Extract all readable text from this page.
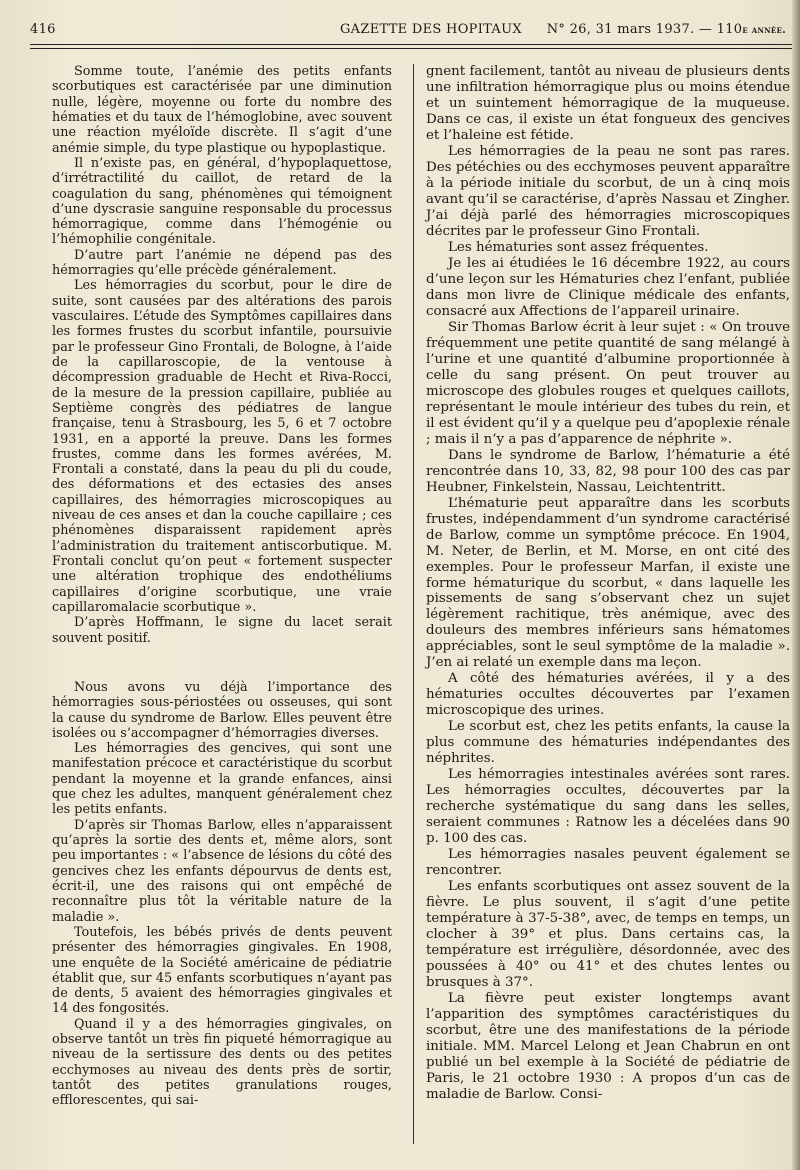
416	GAZETTE DES HOPITAUX N° 26, 31 mars 1937. — 110e année.

Somme toute, l’anémie des petits enfants scorbutiques est caractérisée par une diminution nulle, légère, moyenne ou forte du nombre des hématies et du taux de l’hémoglobine, avec souvent une réaction myéloïde discrète. Il s’agit d’une anémie simple, du type plastique ou hypoplastique.

Il n’existe pas, en général, d’hypoplaquettose, d’irrétractilité du caillot, de retard de la coagulation du sang, phénomènes qui témoignent d’une dyscrasie sanguine responsable du processus hémorragique, comme dans l’hémogénie ou l’hémophilie congénitale.

D’autre part l’anémie ne dépend pas des hémorragies qu’elle précède généralement.

Les hémorragies du scorbut, pour le dire de suite, sont causées par des altérations des parois vasculaires. L’étude des Symptômes capillaires dans les formes frustes du scorbut infantile, poursuivie par le professeur Gino Frontali, de Bologne, à l’aide de la capillaroscopie, de la ventouse à décompression graduable de Hecht et Riva-Rocci, de la mesure de la pression capillaire, publiée au Septième congrès des pédiatres de langue française, tenu à Strasbourg, les 5, 6 et 7 octobre 1931, en a apporté la preuve. Dans les formes frustes, comme dans les formes avérées, M. Frontali a constaté, dans la peau du pli du coude, des déformations et des ectasies des anses capillaires, des hémorragies microscopiques au niveau de ces anses et dan la couche capillaire ; ces phénomènes disparaissent rapidement après l’administration du traitement antiscorbutique. M. Frontali conclut qu’on peut « fortement suspecter une altération trophique des endothéliums capillaires d’origine scorbutique, une vraie capillaromalacie scorbutique ».

D’après Hoffmann, le signe du lacet serait souvent positif.

Nous avons vu déjà l’importance des hémorragies sous-périostées ou osseuses, qui sont la cause du syndrome de Barlow. Elles peuvent être isolées ou s’accompagner d’hémorragies diverses.

Les hémorragies des gencives, qui sont une manifestation précoce et caractéristique du scorbut pendant la moyenne et la grande enfances, ainsi que chez les adultes, manquent généralement chez les petits enfants.

D’après sir Thomas Barlow, elles n’apparaissent qu’après la sortie des dents et, même alors, sont peu importantes : « l’absence de lésions du côté des gencives chez les enfants dépourvus de dents est, écrit-il, une des raisons qui ont empêché de reconnaître plus tôt la véritable nature de la maladie ».

Toutefois, les bébés privés de dents peuvent présenter des hémorragies gingivales. En 1908, une enquête de la Société américaine de pédiatrie établit que, sur 45 enfants scorbutiques n’ayant pas de dents, 5 avaient des hémorragies gingivales et 14 des fongosités.

Quand il y a des hémorragies gingivales, on observe tantôt un très fin piqueté hémorragique au niveau de la sertissure des dents ou des petites ecchymoses au niveau des dents près de sortir, tantôt des petites granulations rouges, efflorescentes, qui sai-

gnent facilement, tantôt au niveau de plusieurs dents une infiltration hémorragique plus ou moins étendue et un suintement hémorragique de la muqueuse. Dans ce cas, il existe un état fongueux des gencives et l’haleine est fétide.

Les hémorragies de la peau ne sont pas rares. Des pétéchies ou des ecchymoses peuvent apparaître à la période initiale du scorbut, de un à cinq mois avant qu’il se caractérise, d’après Nassau et Zingher. J’ai déjà parlé des hémorragies microscopiques décrites par le professeur Gino Frontali.

Les hématuries sont assez fréquentes.

Je les ai étudiées le 16 décembre 1922, au cours d’une leçon sur les Hématuries chez l’enfant, publiée dans mon livre de Clinique médicale des enfants, consacré aux Affections de l’appareil urinaire.

Sir Thomas Barlow écrit à leur sujet : « On trouve fréquemment une petite quantité de sang mélangé à l’urine et une quantité d’albumine proportionnée à celle du sang présent. On peut trouver au microscope des globules rouges et quelques caillots, représentant le moule intérieur des tubes du rein, et il est évident qu’il y a quelque peu d’apoplexie rénale ; mais il n’y a pas d’apparence de néphrite ».

Dans le syndrome de Barlow, l’hématurie a été rencontrée dans 10, 33, 82, 98 pour 100 des cas par Heubner, Finkelstein, Nassau, Leichtentritt.

L’hématurie peut apparaître dans les scorbuts frustes, indépendamment d’un syndrome caractérisé de Barlow, comme un symptôme précoce. En 1904, M. Neter, de Berlin, et M. Morse, en ont cité des exemples. Pour le professeur Marfan, il existe une forme hématurique du scorbut, « dans laquelle les pissements de sang s’observant chez un sujet légèrement rachitique, très anémique, avec des douleurs des membres inférieurs sans hématomes appréciables, sont le seul symptôme de la maladie ». J’en ai relaté un exemple dans ma leçon.

A côté des hématuries avérées, il y a des hématuries occultes découvertes par l’examen microscopique des urines.

Le scorbut est, chez les petits enfants, la cause la plus commune des hématuries indépendantes des néphrites.

Les hémorragies intestinales avérées sont rares. Les hémorragies occultes, découvertes par la recherche systématique du sang dans les selles, seraient communes : Ratnow les a décelées dans 90 p. 100 des cas.

Les hémorragies nasales peuvent également se rencontrer.

Les enfants scorbutiques ont assez souvent de la fièvre. Le plus souvent, il s’agit d’une petite température à 37-5-38°, avec, de temps en temps, un clocher à 39° et plus. Dans certains cas, la température est irrégulière, désordonnée, avec des poussées à 40° ou 41° et des chutes lentes ou brusques à 37°.

La fièvre peut exister longtemps avant l’apparition des symptômes caractéristiques du scorbut, être une des manifestations de la période initiale. MM. Marcel Lelong et Jean Chabrun en ont publié un bel exemple à la Société de pédiatrie de Paris, le 21 octobre 1930 : A propos d’un cas de maladie de Barlow. Consi-
